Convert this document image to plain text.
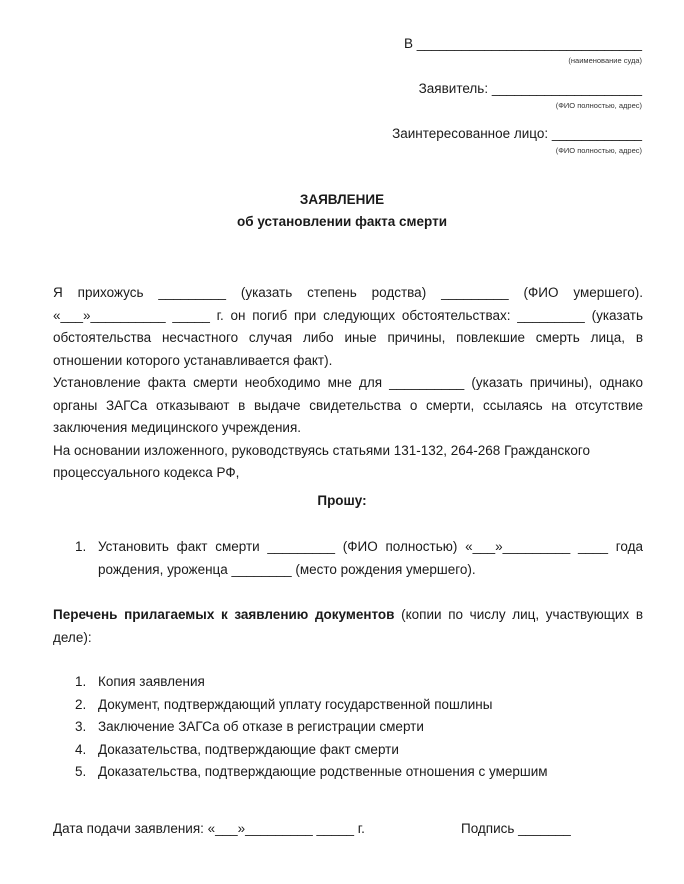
В ______________________________
(наименование суда)
Заявитель: ____________________
(ФИО полностью, адрес)
Заинтересованное лицо: ____________
(ФИО полностью, адрес)
ЗАЯВЛЕНИЕ
об установлении факта смерти

Я прихожусь _________ (указать степень родства) _________ (ФИО умершего). «___»__________ _____ г. он погиб при следующих обстоятельствах: _________ (указать обстоятельства несчастного случая либо иные причины, повлекшие смерть лица, в отношении которого устанавливается факт).

Установление факта смерти необходимо мне для __________ (указать причины), однако органы ЗАГСа отказывают в выдаче свидетельства о смерти, ссылаясь на отсутствие заключения медицинского учреждения.

На основании изложенного, руководствуясь статьями 131-132, 264-268 Гражданского процессуального кодекса РФ,

Прошу:
1. Установить факт смерти _________ (ФИО полностью) «___»_________ ____ года рождения, уроженца ________ (место рождения умершего).
Перечень прилагаемых к заявлению документов (копии по числу лиц, участвующих в деле):
1. Копия заявления
2. Документ, подтверждающий уплату государственной пошлины
3. Заключение ЗАГСа об отказе в регистрации смерти
4. Доказательства, подтверждающие факт смерти
5. Доказательства, подтверждающие родственные отношения с умершим
Дата подачи заявления: «___»_________ _____ г.	Подпись _______
